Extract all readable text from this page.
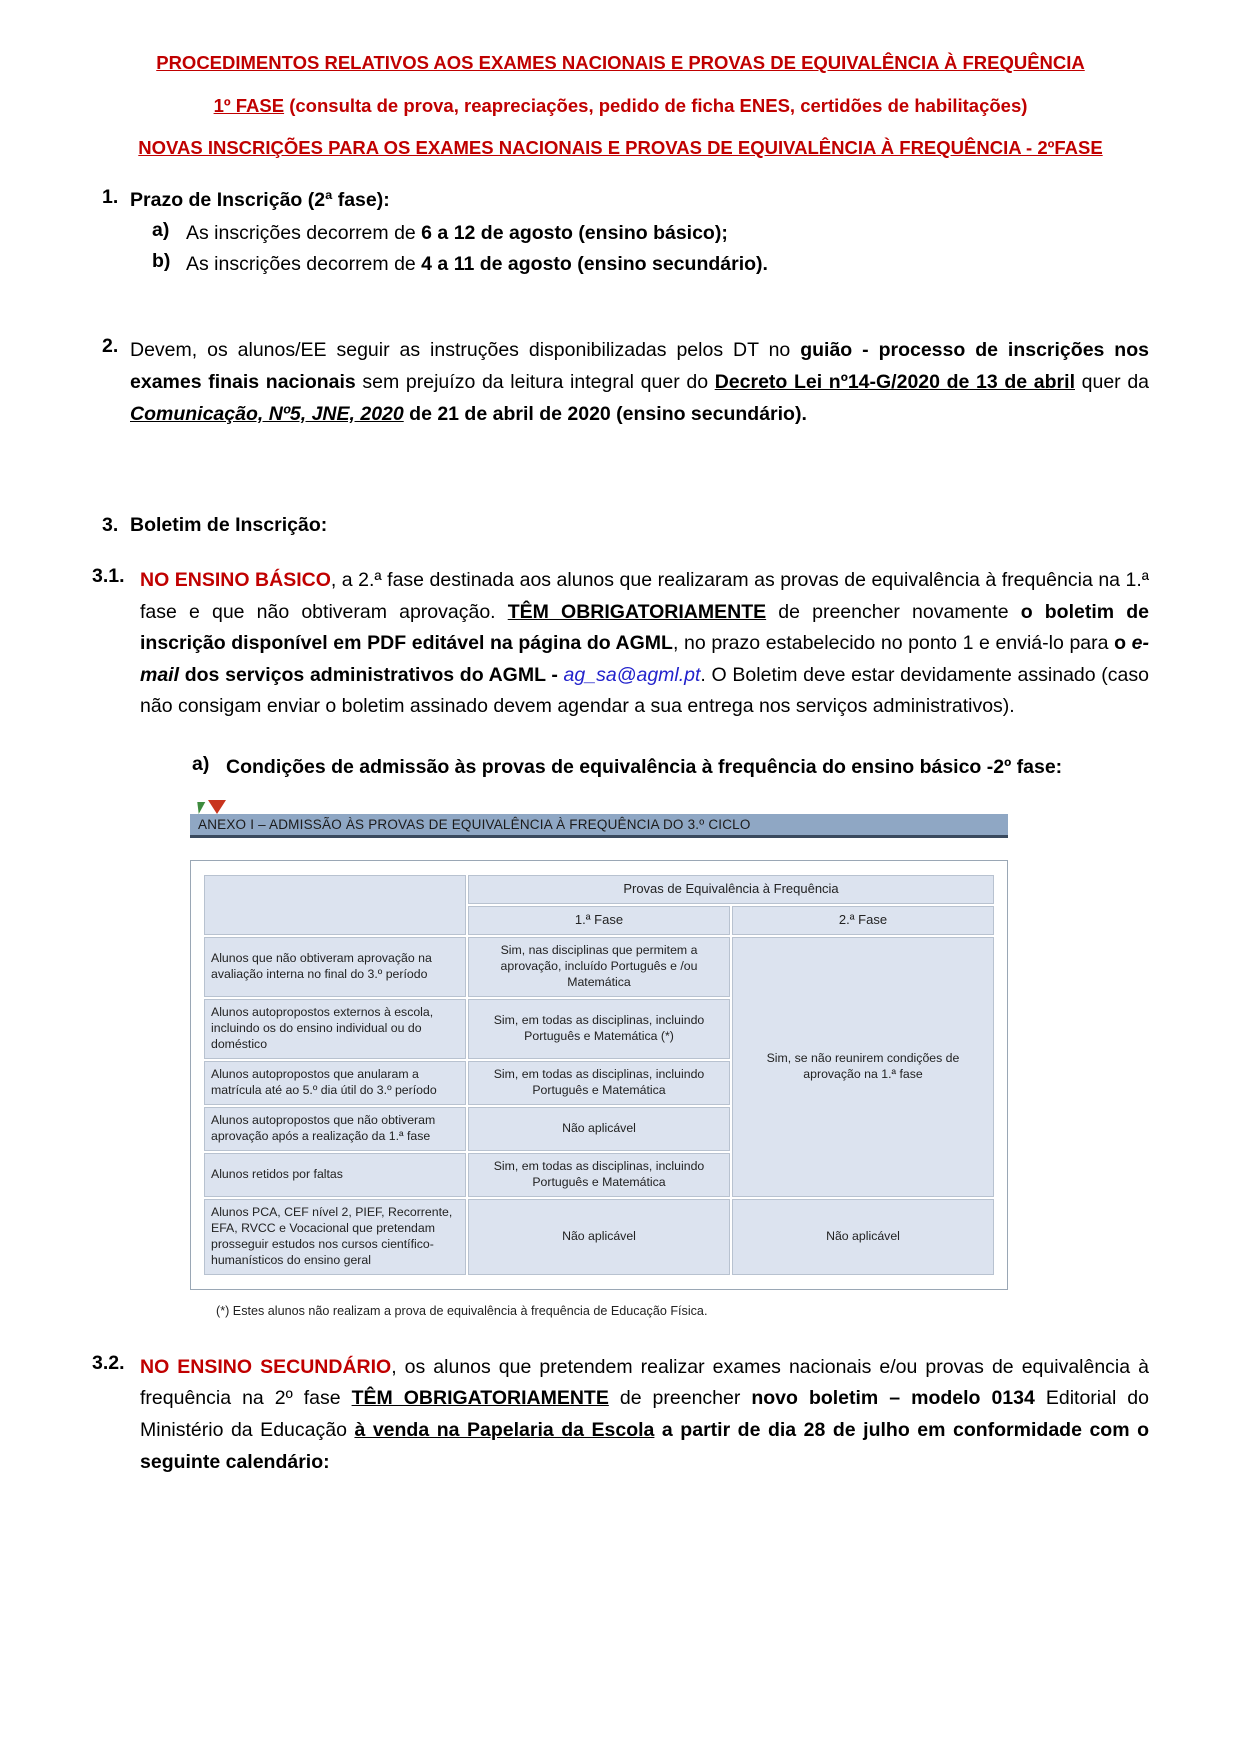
PROCEDIMENTOS RELATIVOS AOS EXAMES NACIONAIS E PROVAS DE EQUIVALÊNCIA À FREQUÊNCIA
1º FASE (consulta de prova, reapreciações, pedido de ficha ENES, certidões de habilitações)
NOVAS INSCRIÇÕES PARA OS EXAMES NACIONAIS E PROVAS DE EQUIVALÊNCIA À FREQUÊNCIA - 2ºFASE
1. Prazo de Inscrição (2ª fase):
a) As inscrições decorrem de 6 a 12 de agosto (ensino básico);
b) As inscrições decorrem de 4 a 11 de agosto (ensino secundário).
2. Devem, os alunos/EE seguir as instruções disponibilizadas pelos DT no guião - processo de inscrições nos exames finais nacionais sem prejuízo da leitura integral quer do Decreto Lei nº14-G/2020 de 13 de abril quer da Comunicação, Nº5, JNE, 2020 de 21 de abril de 2020 (ensino secundário).
3. Boletim de Inscrição:
3.1. NO ENSINO BÁSICO, a 2.ª fase destinada aos alunos que realizaram as provas de equivalência à frequência na 1.ª fase e que não obtiveram aprovação. TÊM OBRIGATORIAMENTE de preencher novamente o boletim de inscrição disponível em PDF editável na página do AGML, no prazo estabelecido no ponto 1 e enviá-lo para o e-mail dos serviços administrativos do AGML - ag_sa@agml.pt. O Boletim deve estar devidamente assinado (caso não consigam enviar o boletim assinado devem agendar a sua entrega nos serviços administrativos).
a) Condições de admissão às provas de equivalência à frequência do ensino básico -2º fase:
ANEXO I – ADMISSÃO ÀS PROVAS DE EQUIVALÊNCIA À FREQUÊNCIA DO 3.º CICLO
	Provas de Equivalência à Frequência	
	1.ª Fase	2.ª Fase
Alunos que não obtiveram aprovação na avaliação interna no final do 3.º período	Sim, nas disciplinas que permitem a aprovação, incluído Português e /ou Matemática	Sim, se não reunirem condições de aprovação na 1.ª fase
Alunos autopropostos externos à escola, incluindo os do ensino individual ou do doméstico	Sim, em todas as disciplinas, incluindo Português e Matemática (*)	
Alunos autopropostos que anularam a matrícula até ao 5.º dia útil do 3.º período	Sim, em todas as disciplinas, incluindo Português e Matemática	
Alunos autopropostos que não obtiveram aprovação após a realização da 1.ª fase	Não aplicável	
Alunos retidos por faltas	Sim, em todas as disciplinas, incluindo Português e Matemática	
Alunos PCA, CEF nível 2, PIEF, Recorrente, EFA, RVCC e Vocacional que pretendam prosseguir estudos nos cursos científico-humanísticos do ensino geral	Não aplicável	Não aplicável
(*) Estes alunos não realizam a prova de equivalência à frequência de Educação Física.
3.2. NO ENSINO SECUNDÁRIO, os alunos que pretendem realizar exames nacionais e/ou provas de equivalência à frequência na 2º fase TÊM OBRIGATORIAMENTE de preencher novo boletim – modelo 0134 Editorial do Ministério da Educação à venda na Papelaria da Escola a partir de dia 28 de julho em conformidade com o seguinte calendário:
